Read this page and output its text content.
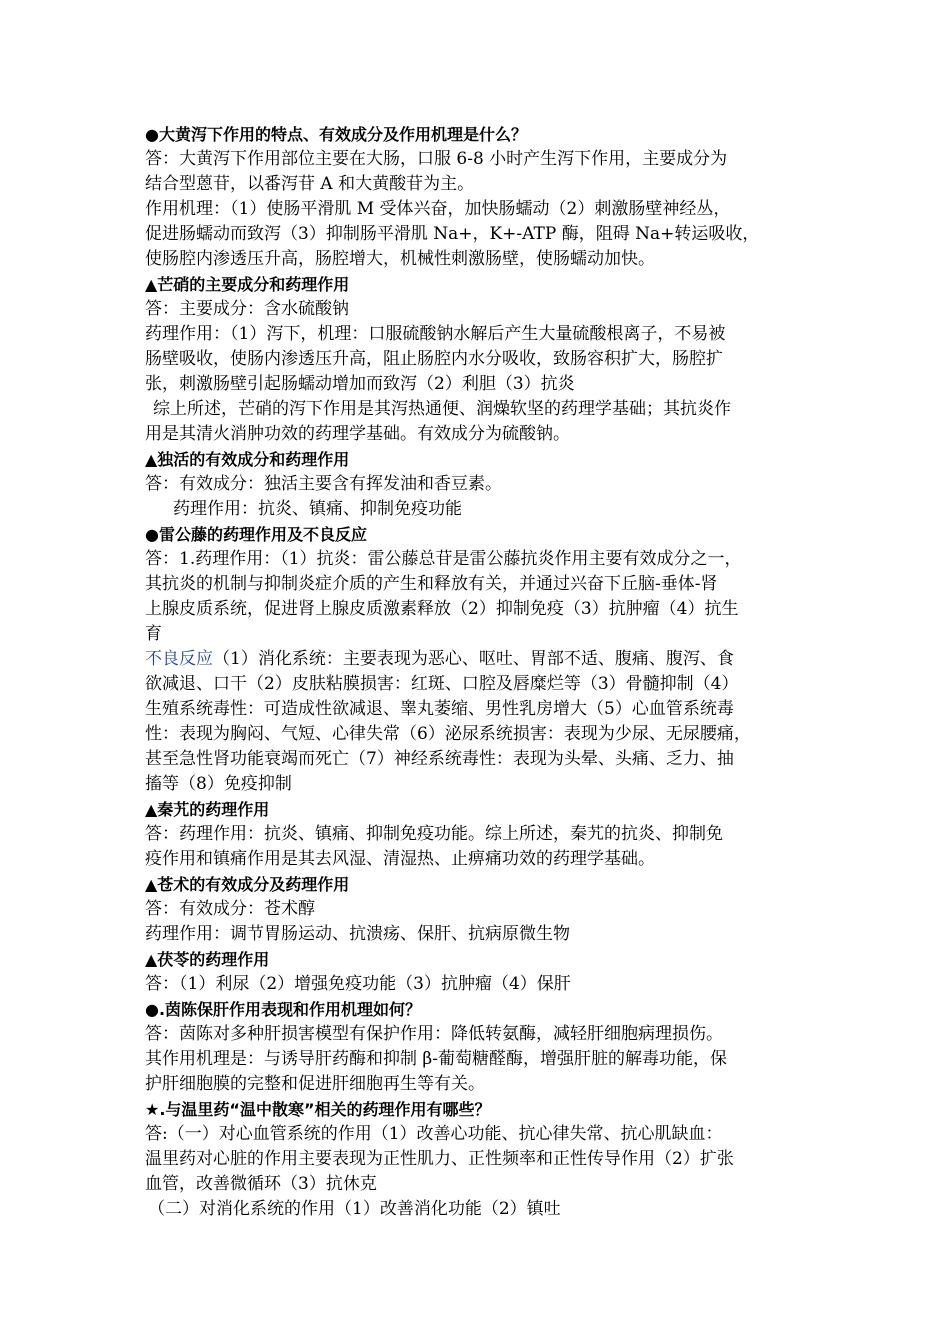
●大黄泻下作用的特点、有效成分及作用机理是什么？
答：大黄泻下作用部位主要在大肠，口服 6-8 小时产生泻下作用，主要成分为
结合型蒽苷，以番泻苷 A 和大黄酸苷为主。
作用机理：（1）使肠平滑肌 M 受体兴奋，加快肠蠕动（2）刺激肠壁神经丛，
促进肠蠕动而致泻（3）抑制肠平滑肌 Na+，K+-ATP 酶，阻碍 Na+转运吸收，
使肠腔内渗透压升高，肠腔增大，机械性刺激肠壁，使肠蠕动加快。
▲芒硝的主要成分和药理作用
答：主要成分：含水硫酸钠
药理作用：（1）泻下，机理：口服硫酸钠水解后产生大量硫酸根离子，不易被
肠壁吸收，使肠内渗透压升高，阻止肠腔内水分吸收，致肠容积扩大，肠腔扩
张，刺激肠壁引起肠蠕动增加而致泻（2）利胆（3）抗炎
综上所述，芒硝的泻下作用是其泻热通便、润燥软坚的药理学基础；其抗炎作
用是其清火消肿功效的药理学基础。有效成分为硫酸钠。
▲独活的有效成分和药理作用
答：有效成分：独活主要含有挥发油和香豆素。
药理作用：抗炎、镇痛、抑制免疫功能
●雷公藤的药理作用及不良反应
答：1.药理作用：（1）抗炎：雷公藤总苷是雷公藤抗炎作用主要有效成分之一，
其抗炎的机制与抑制炎症介质的产生和释放有关，并通过兴奋下丘脑-垂体-肾
上腺皮质系统，促进肾上腺皮质激素释放（2）抑制免疫（3）抗肿瘤（4）抗生
育
不良反应（1）消化系统：主要表现为恶心、呕吐、胃部不适、腹痛、腹泻、食
欲减退、口干（2）皮肤粘膜损害：红斑、口腔及唇糜烂等（3）骨髓抑制（4）
生殖系统毒性：可造成性欲减退、睾丸萎缩、男性乳房增大（5）心血管系统毒
性：表现为胸闷、气短、心律失常（6）泌尿系统损害：表现为少尿、无尿腰痛，
甚至急性肾功能衰竭而死亡（7）神经系统毒性：表现为头晕、头痛、乏力、抽
搐等（8）免疫抑制
▲秦艽的药理作用
答：药理作用：抗炎、镇痛、抑制免疫功能。综上所述，秦艽的抗炎、抑制免
疫作用和镇痛作用是其去风湿、清湿热、止痹痛功效的药理学基础。
▲苍术的有效成分及药理作用
答：有效成分：苍术醇
药理作用：调节胃肠运动、抗溃疡、保肝、抗病原微生物
▲茯苓的药理作用
答：（1）利尿（2）增强免疫功能（3）抗肿瘤（4）保肝
●.茵陈保肝作用表现和作用机理如何？
答：茵陈对多种肝损害模型有保护作用：降低转氨酶，减轻肝细胞病理损伤。
其作用机理是：与诱导肝药酶和抑制 β-葡萄糖醛酶，增强肝脏的解毒功能，保
护肝细胞膜的完整和促进肝细胞再生等有关。
★.与温里药“温中散寒”相关的药理作用有哪些？
答:（一）对心血管系统的作用（1）改善心功能、抗心律失常、抗心肌缺血：
温里药对心脏的作用主要表现为正性肌力、正性频率和正性传导作用（2）扩张
血管，改善微循环（3）抗休克
（二）对消化系统的作用（1）改善消化功能（2）镇吐
